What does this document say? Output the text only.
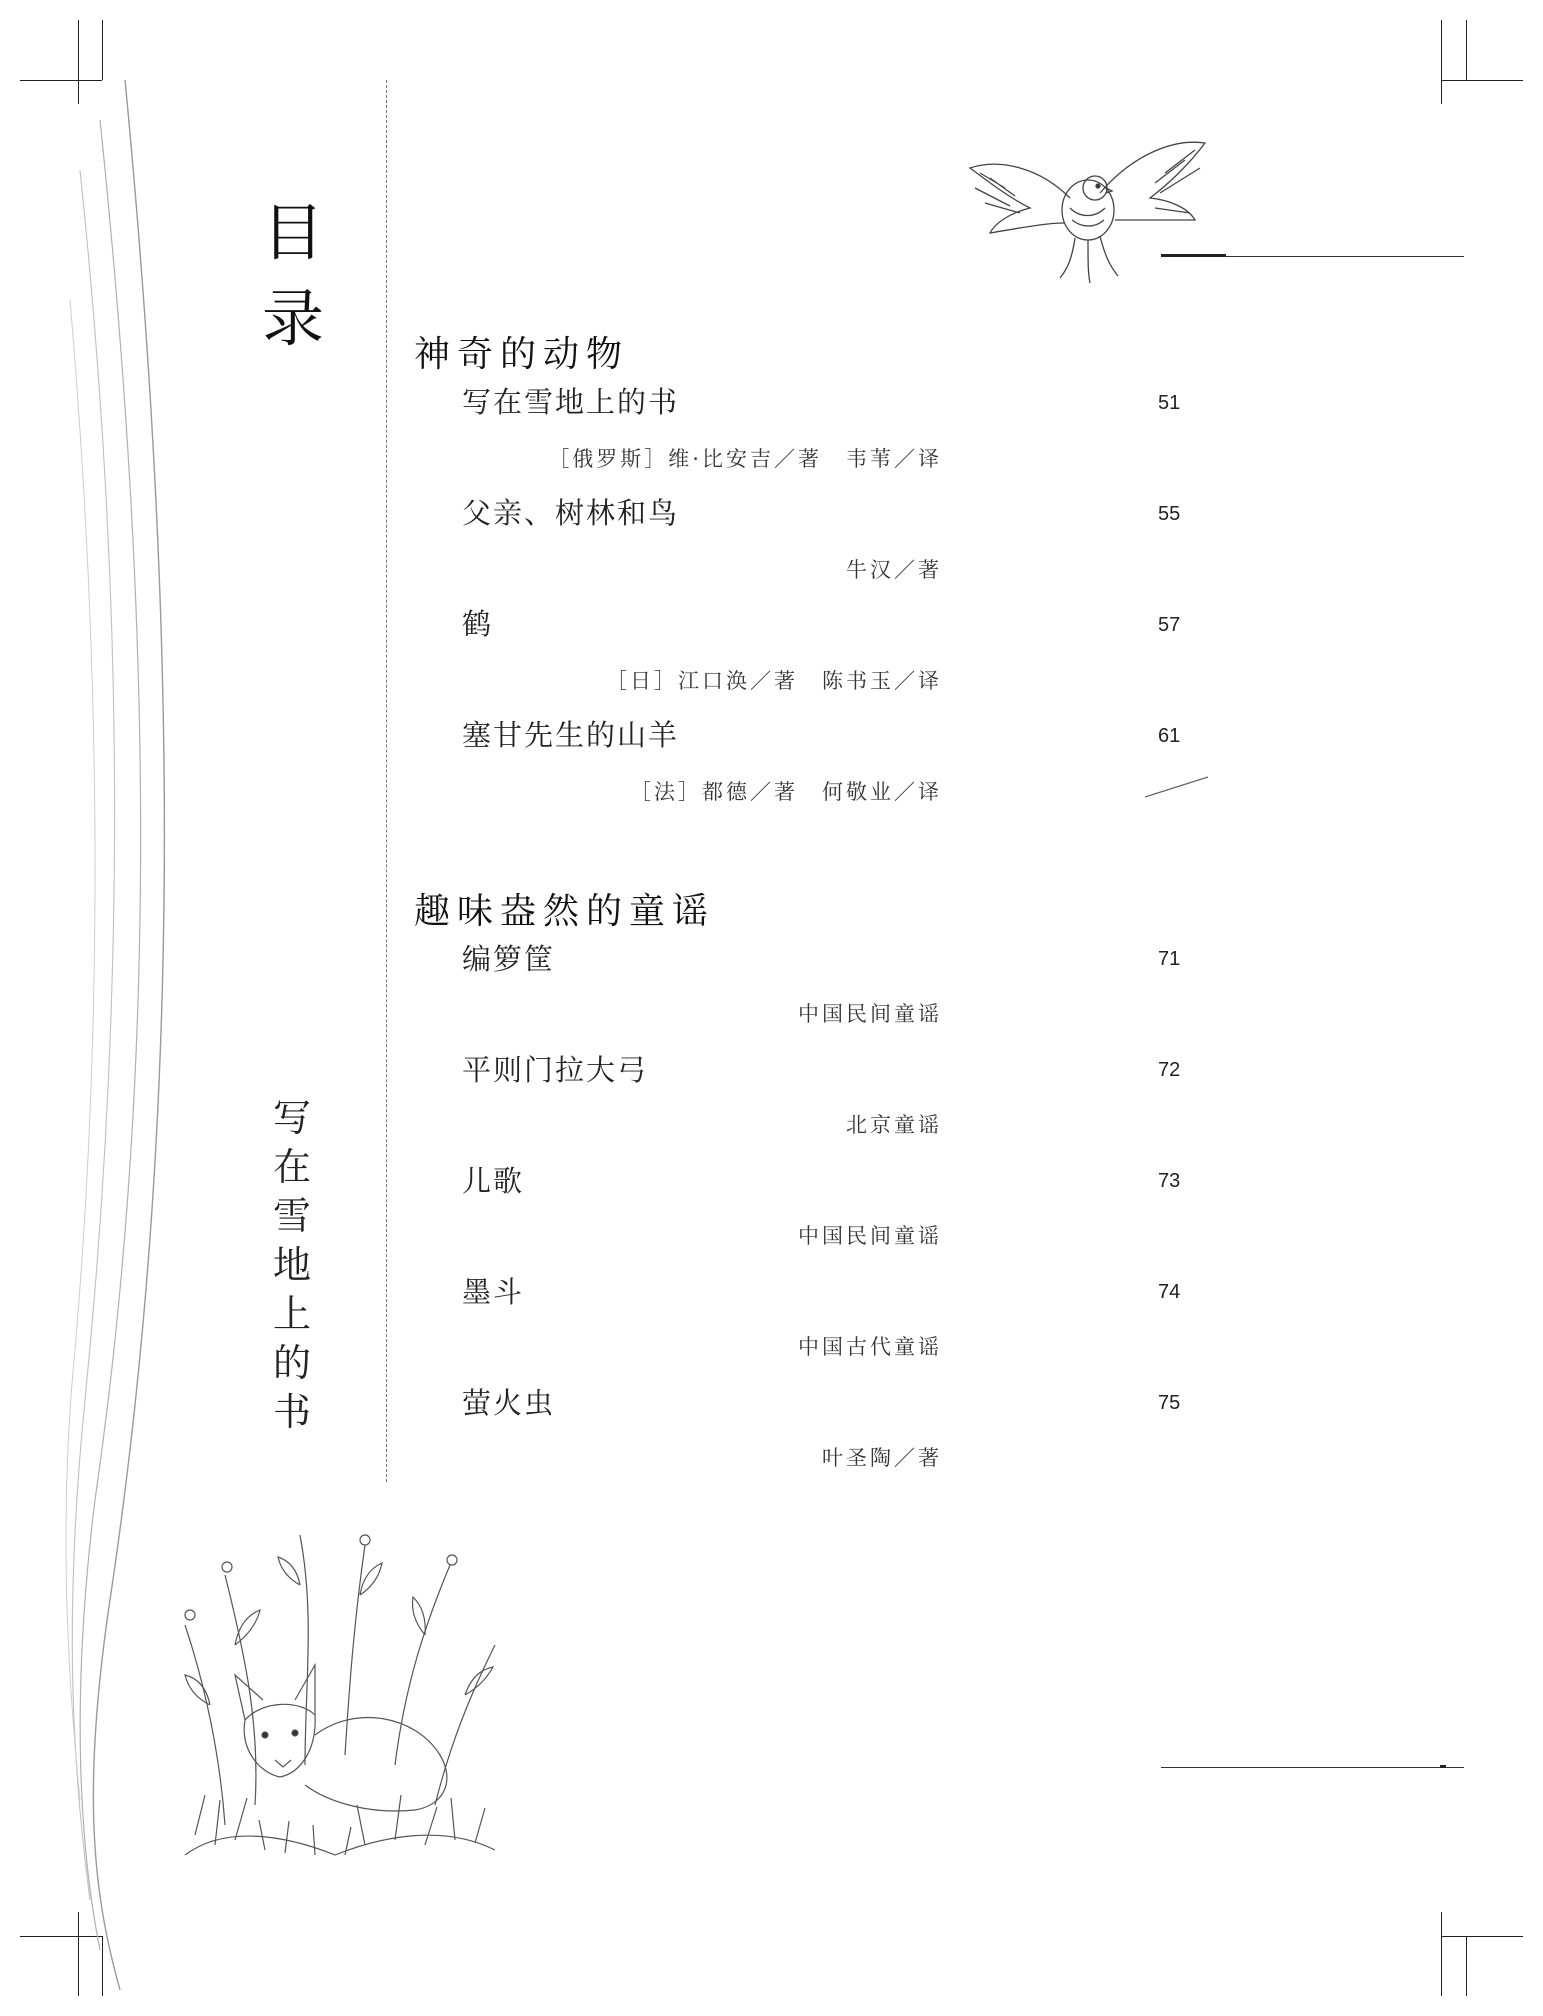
目
录
写
在
雪
地
上
的
书
神奇的动物
写在雪地上的书	51
［俄罗斯］维·比安吉／著　韦苇／译
父亲、树林和鸟	55
牛汉／著
鹤	57
［日］江口涣／著　陈书玉／译
塞甘先生的山羊	61
［法］都德／著　何敬业／译
趣味盎然的童谣
编箩筐	71
中国民间童谣
平则门拉大弓	72
北京童谣
儿歌	73
中国民间童谣
墨斗	74
中国古代童谣
萤火虫	75
叶圣陶／著
